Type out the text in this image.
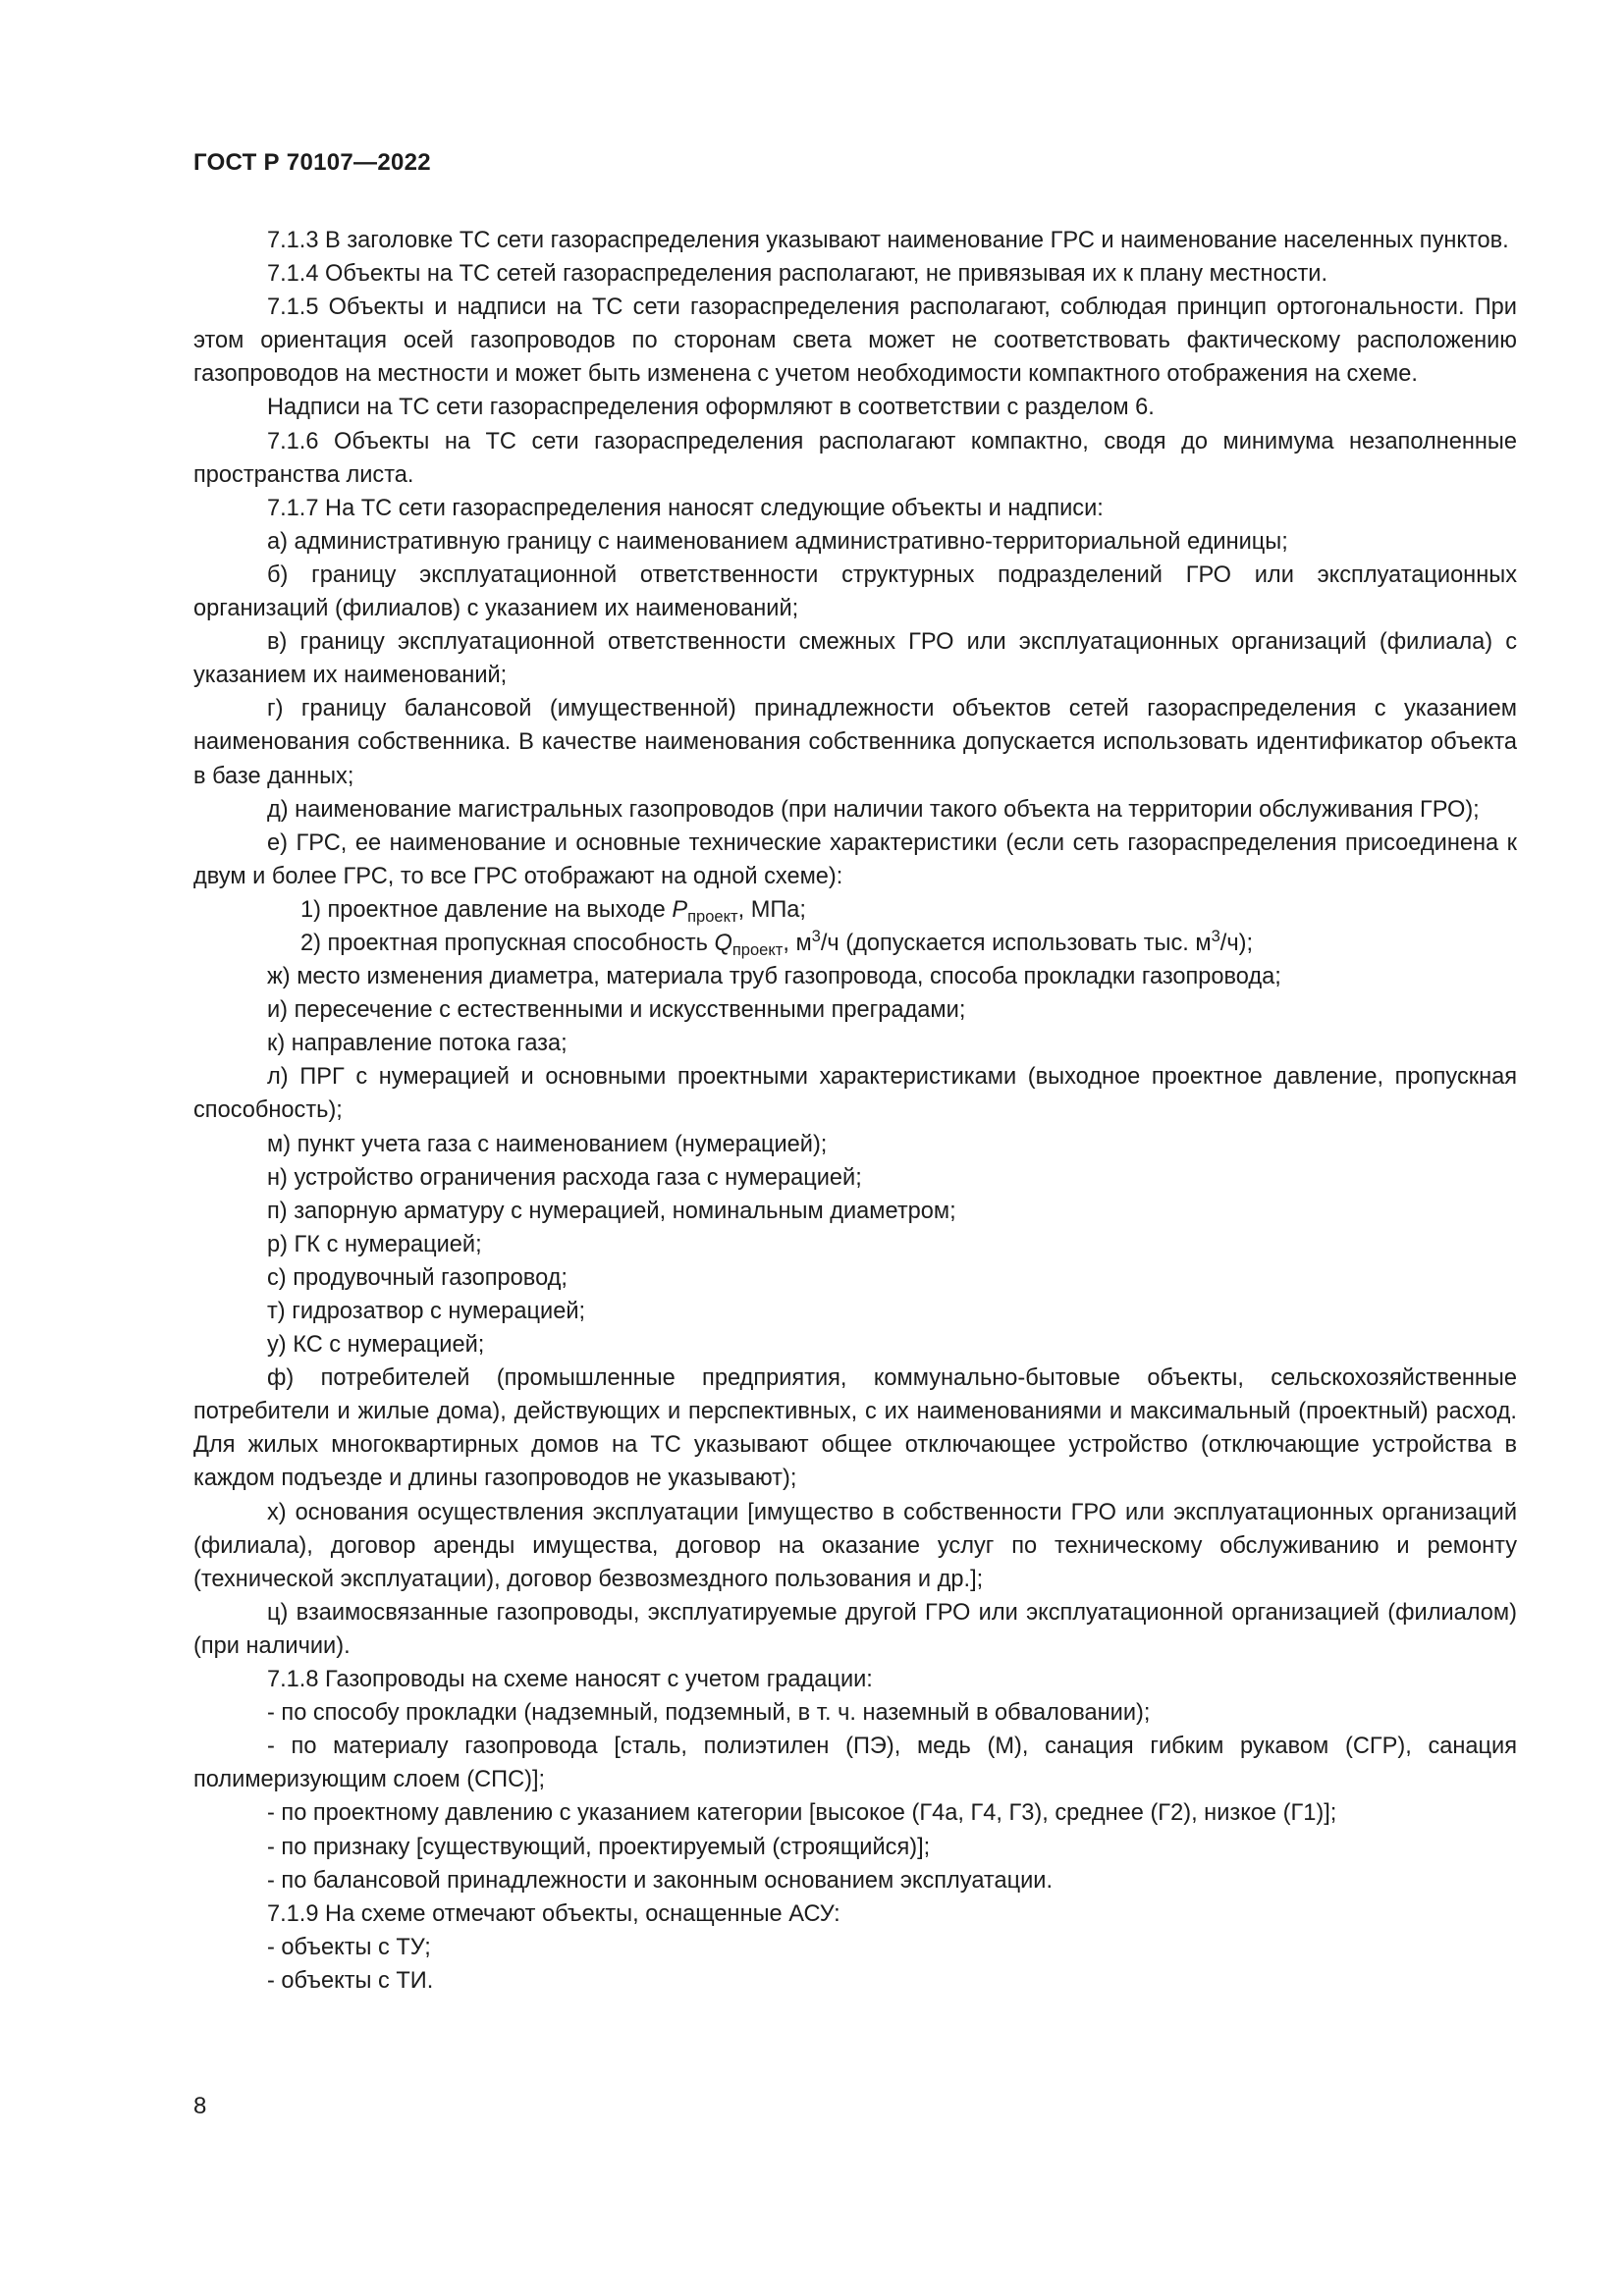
ГОСТ Р 70107—2022

7.1.3 В заголовке ТС сети газораспределения указывают наименование ГРС и наименование населенных пунктов.

7.1.4 Объекты на ТС сетей газораспределения располагают, не привязывая их к плану местности.

7.1.5 Объекты и надписи на ТС сети газораспределения располагают, соблюдая принцип ортогональности. При этом ориентация осей газопроводов по сторонам света может не соответствовать фактическому расположению газопроводов на местности и может быть изменена с учетом необходимости компактного отображения на схеме.

Надписи на ТС сети газораспределения оформляют в соответствии с разделом 6.

7.1.6 Объекты на ТС сети газораспределения располагают компактно, сводя до минимума незаполненные пространства листа.

7.1.7 На ТС сети газораспределения наносят следующие объекты и надписи:

а) административную границу с наименованием административно-территориальной единицы;

б) границу эксплуатационной ответственности структурных подразделений ГРО или эксплуатационных организаций (филиалов) с указанием их наименований;

в) границу эксплуатационной ответственности смежных ГРО или эксплуатационных организаций (филиала) с указанием их наименований;

г) границу балансовой (имущественной) принадлежности объектов сетей газораспределения с указанием наименования собственника. В качестве наименования собственника допускается использовать идентификатор объекта в базе данных;

д) наименование магистральных газопроводов (при наличии такого объекта на территории обслуживания ГРО);

е) ГРС, ее наименование и основные технические характеристики (если сеть газораспределения присоединена к двум и более ГРС, то все ГРС отображают на одной схеме):

1) проектное давление на выходе $P_{проект}$, МПа;

2) проектная пропускная способность $Q_{проект}$, $м^3/ч$ (допускается использовать тыс. $м^3/ч$);

ж) место изменения диаметра, материала труб газопровода, способа прокладки газопровода;

и) пересечение с естественными и искусственными преградами;

к) направление потока газа;

л) ПРГ с нумерацией и основными проектными характеристиками (выходное проектное давление, пропускная способность);

м) пункт учета газа с наименованием (нумерацией);

н) устройство ограничения расхода газа с нумерацией;

п) запорную арматуру с нумерацией, номинальным диаметром;

р) ГК с нумерацией;

с) продувочный газопровод;

т) гидрозатвор с нумерацией;

у) КС с нумерацией;

ф) потребителей (промышленные предприятия, коммунально-бытовые объекты, сельскохозяйственные потребители и жилые дома), действующих и перспективных, с их наименованиями и максимальный (проектный) расход. Для жилых многоквартирных домов на ТС указывают общее отключающее устройство (отключающие устройства в каждом подъезде и длины газопроводов не указывают);

х) основания осуществления эксплуатации [имущество в собственности ГРО или эксплуатационных организаций (филиала), договор аренды имущества, договор на оказание услуг по техническому обслуживанию и ремонту (технической эксплуатации), договор безвозмездного пользования и др.];

ц) взаимосвязанные газопроводы, эксплуатируемые другой ГРО или эксплуатационной организацией (филиалом) (при наличии).

7.1.8 Газопроводы на схеме наносят с учетом градации:

- по способу прокладки (надземный, подземный, в т. ч. наземный в обваловании);

- по материалу газопровода [сталь, полиэтилен (ПЭ), медь (М), санация гибким рукавом (СГР), санация полимеризующим слоем (СПС)];

- по проектному давлению с указанием категории [высокое (Г4а, Г4, Г3), среднее (Г2), низкое (Г1)];

- по признаку [существующий, проектируемый (строящийся)];

- по балансовой принадлежности и законным основанием эксплуатации.

7.1.9 На схеме отмечают объекты, оснащенные АСУ:

- объекты с ТУ;

- объекты с ТИ.

8
